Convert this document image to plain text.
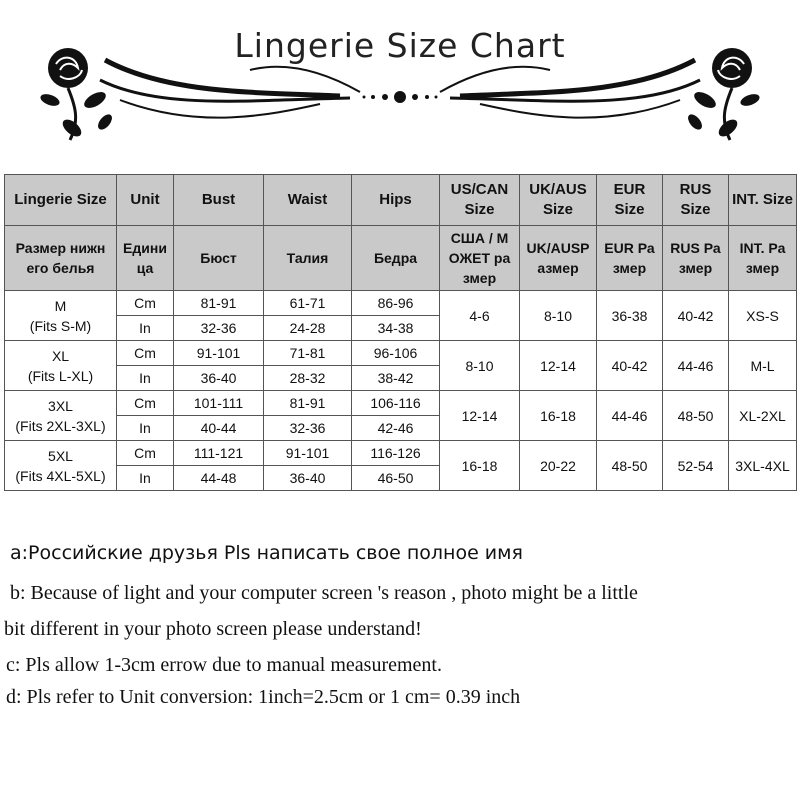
Lingerie Size Chart
Lingerie Size	Unit	Bust	Waist	Hips	US/CAN Size	UK/AUS Size	EUR Size	RUS Size	INT. Size
Размер нижн его белья	Едини ца	Бюст	Талия	Бедра	США / М ОЖЕТ ра змер	UK/AUSP азмер	EUR Ра змер	RUS Ра змер	INT. Ра змер

M
(Fits S-M)	Cm	81-91	61-71	86-96	4-6	8-10	36-38	40-42	XS-S
	In	32-36	24-28	34-38					

XL
(Fits L-XL)	Cm	91-101	71-81	96-106	8-10	12-14	40-42	44-46	M-L
	In	36-40	28-32	38-42					

3XL
(Fits 2XL-3XL)	Cm	101-111	81-91	106-116	12-14	16-18	44-46	48-50	XL-2XL
	In	40-44	32-36	42-46					

5XL
(Fits 4XL-5XL)	Cm	111-121	91-101	116-126	16-18	20-22	48-50	52-54	3XL-4XL
	In	44-48	36-40	46-50					
a:Российские друзья Pls написать свое полное имя
b: Because of light and your computer screen 's reason , photo might be a little
bit different in your photo screen please understand!
c: Pls allow 1-3cm errow due to manual measurement.
d: Pls refer to Unit conversion: 1inch=2.5cm or 1 cm= 0.39 inch
